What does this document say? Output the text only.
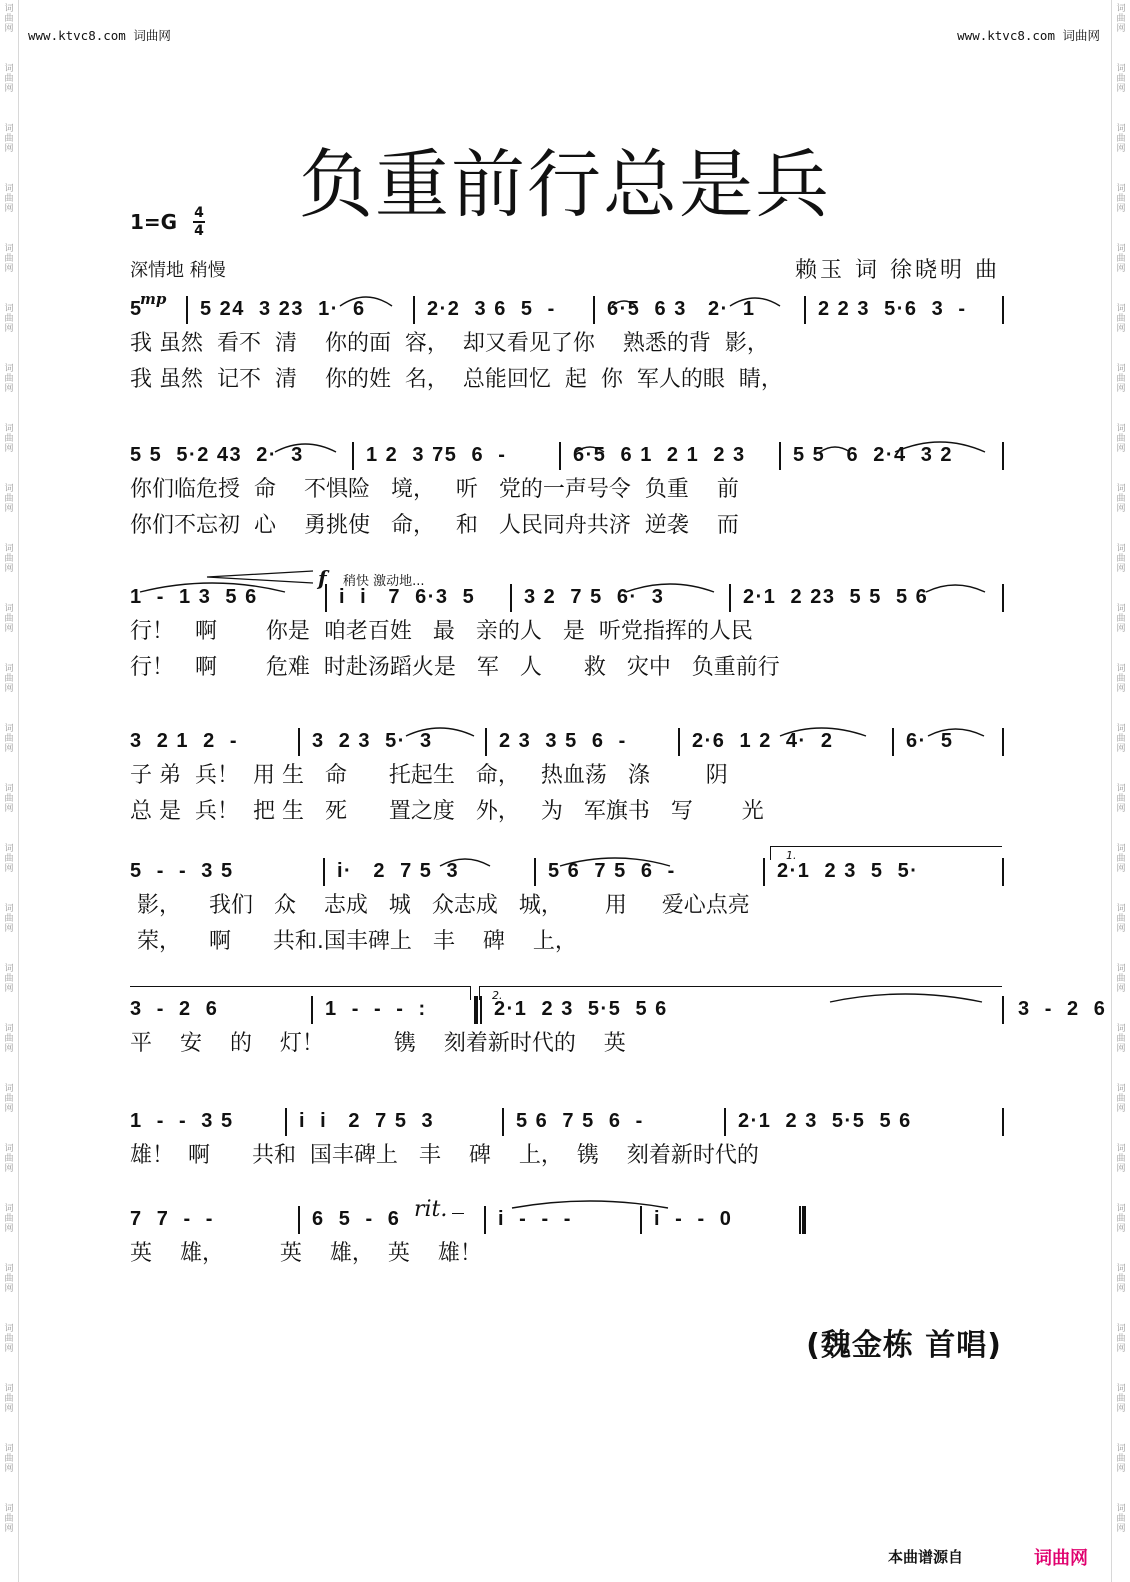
词
曲
网
词
曲
网
词
曲
网
词
曲
网
词
曲
网
词
曲
网
词
曲
网
词
曲
网
词
曲
网
词
曲
网
词
曲
网
词
曲
网
词
曲
网
词
曲
网
词
曲
网
词
曲
网
词
曲
网
词
曲
网
词
曲
网
词
曲
网
词
曲
网
词
曲
网
词
曲
网
词
曲
网
词
曲
网
词
曲
网
词
曲
网
词
曲
网
词
曲
网
词
曲
网
词
曲
网
词
曲
网
词
曲
网
词
曲
网
词
曲
网
词
曲
网
词
曲
网
词
曲
网
词
曲
网
词
曲
网
词
曲
网
词
曲
网
词
曲
网
词
曲
网
词
曲
网
词
曲
网
词
曲
网
词
曲
网
词
曲
网
词
曲
网
词
曲
网
词
曲
网
www.ktvc8.com 词曲网	www.ktvc8.com 词曲网
负重前行总是兵
1=G 4
4
深情地 稍慢	赖玉 词 徐晓明 曲
mp
f 稍快 激动地...
rit.
1.
2.
5	5 24  3 23  1·  6	2·2  3 6  5  -	6·5  6 3   2·  1	2 2 3  5·6  3  -
我 虽然  看不  清    你的面  容，  却又看见了你    熟悉的背  影，
我 虽然  记不  清    你的姓  名，  总能回忆  起  你  军人的眼  睛，
5 5  5·2 43  2·  3	1 2  3 75  6  -	6·5  6 1  2 1  2 3	5 5   6  2·4  3 2
你们临危授  命    不惧险   境，   听   党的一声号令  负重    前
你们不忘初  心    勇挑使   命，   和   人民同舟共济  逆袭    而
1  -  1 3  5 6	i  i   7  6·3  5	3 2  7 5  6·  3	2·1  2 23  5 5  5 6
行！   啊       你是  咱老百姓   最   亲的人   是  听党指挥的人民
行！   啊       危难  时赴汤蹈火是   军   人      救   灾中   负重前行
3  2 1  2  -	3  2 3  5·  3	2 3  3 5  6  -	2·6  1 2  4·  2	6·  5
子 弟  兵！  用 生   命      托起生   命，   热血荡   涤        阴
总 是  兵！  把 生   死      置之度   外，   为   军旗书   写       光
5  -  -  3 5	i·   2  7 5  3	5 6  7 5  6  -	2·1  2 3  5  5·
影，    我们   众    志成   城   众志成   城，      用     爱心点亮
荣，    啊      共和.国丰碑上   丰    碑    上，
3  -  2  6	1  -  -  -  :	2·1  2 3  5·5  5 6	3  -  2  6
平    安    的    灯！          镌    刻着新时代的    英
1  -  -  3 5	i  i   2  7 5  3	5 6  7 5  6  -	2·1  2 3  5·5  5 6
雄！  啊      共和  国丰碑上   丰    碑    上，  镌    刻着新时代的
7  7  -  -	6  5  -  6	i  -  -  -	i  -  -  0
英    雄，        英    雄，  英    雄！
(魏金栋 首唱)
本曲谱源自	词曲网
